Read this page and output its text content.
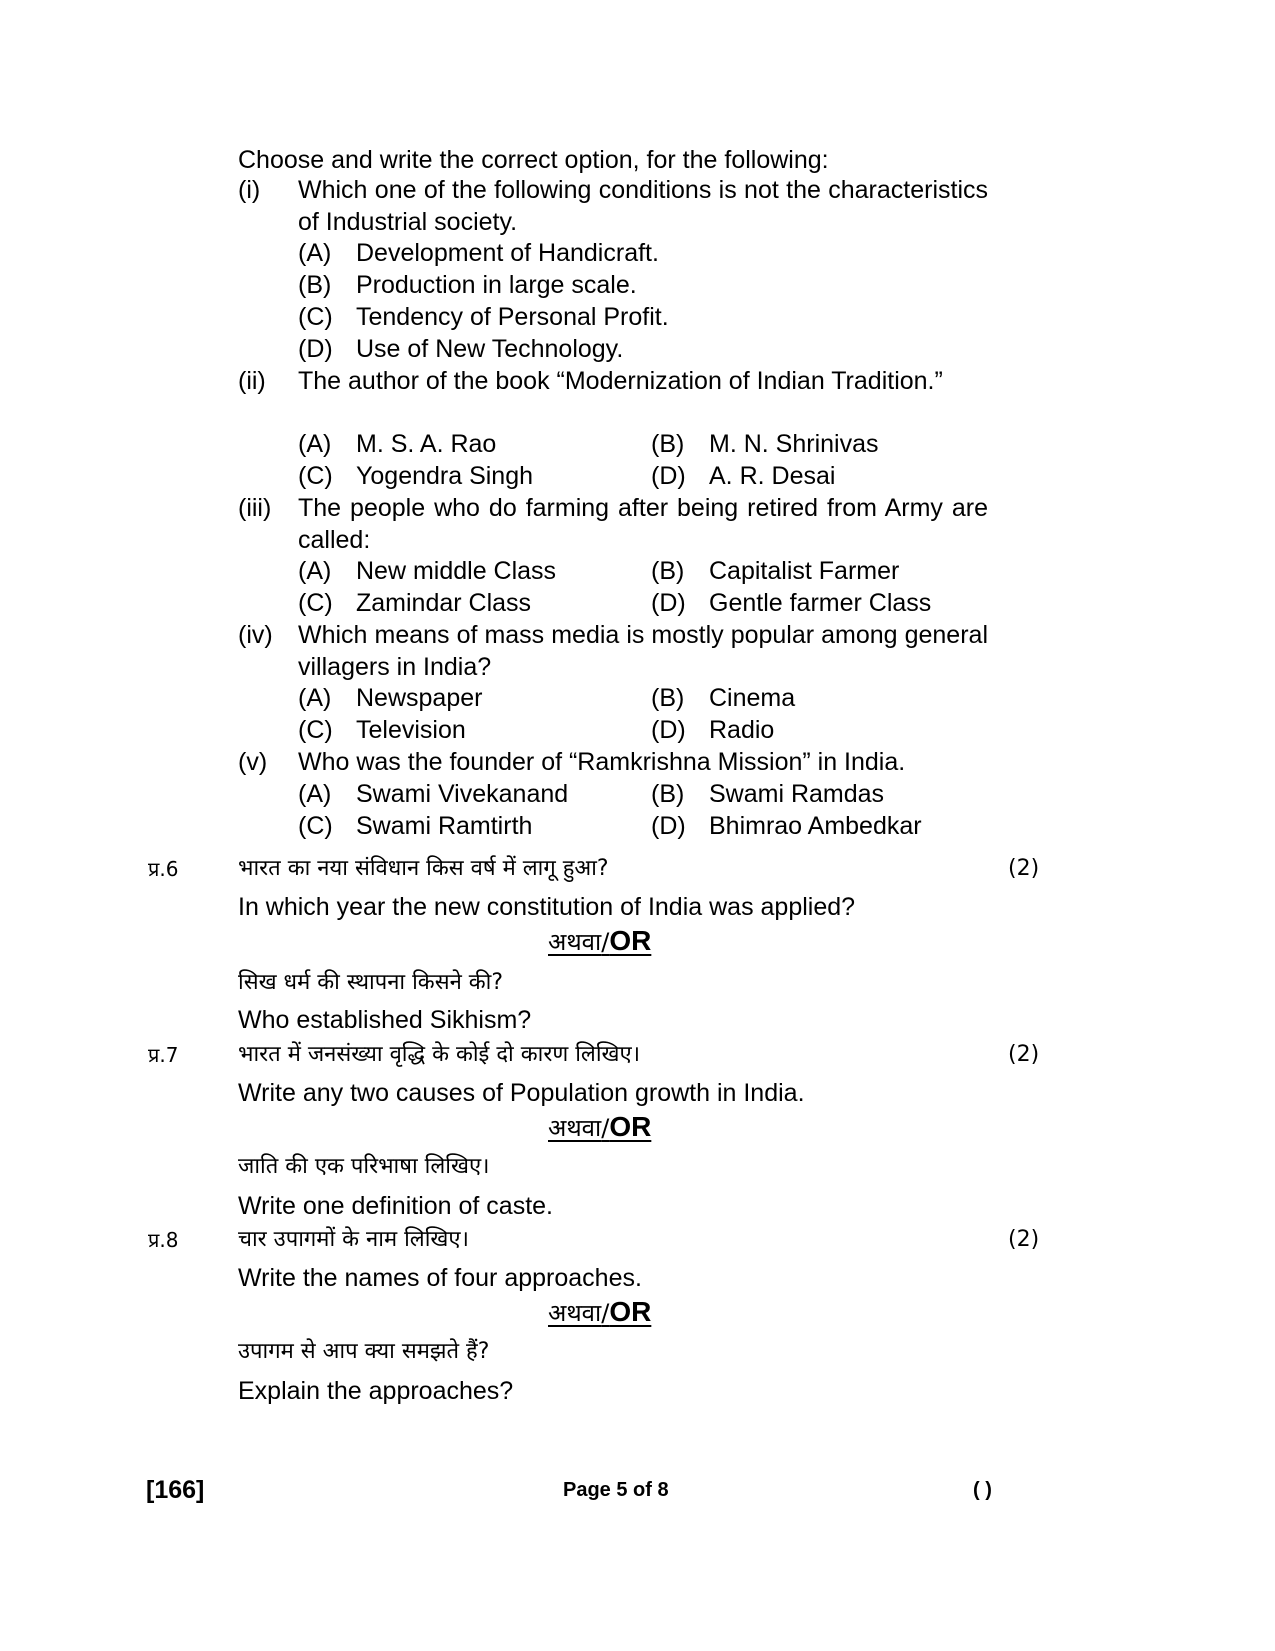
Choose and write the correct option, for the following:
(i) Which one of the following conditions is not the characteristics of Industrial society.
(A) Development of Handicraft.
(B) Production in large scale.
(C) Tendency of Personal Profit.
(D) Use of New Technology.
(ii) The author of the book “Modernization of Indian Tradition.”
(A) M. S. A. Rao	(B) M. N. Shrinivas
(C) Yogendra Singh	(D) A. R. Desai
(iii) The people who do farming after being retired from Army are called:
(A) New middle Class	(B) Capitalist Farmer
(C) Zamindar Class	(D) Gentle farmer Class
(iv) Which means of mass media is mostly popular among general villagers in India?
(A) Newspaper	(B) Cinema
(C) Television	(D) Radio
(v) Who was the founder of “Ramkrishna Mission” in India.
(A) Swami Vivekanand	(B) Swami Ramdas
(C) Swami Ramtirth	(D) Bhimrao Ambedkar
प्र.6	भारत का नया संविधान किस वर्ष में लागू हुआ?	(2)
In which year the new constitution of India was applied?
अथवा/OR
सिख धर्म की स्थापना किसने की?
Who established Sikhism?
प्र.7	भारत में जनसंख्या वृद्धि के कोई दो कारण लिखिए।	(2)
Write any two causes of Population growth in India.
अथवा/OR
जाति की एक परिभाषा लिखिए।
Write one definition of caste.
प्र.8	चार उपागमों के नाम लिखिए।	(2)
Write the names of four approaches.
अथवा/OR
उपागम से आप क्या समझते हैं?
Explain the approaches?
[166]	Page 5 of 8	( )
